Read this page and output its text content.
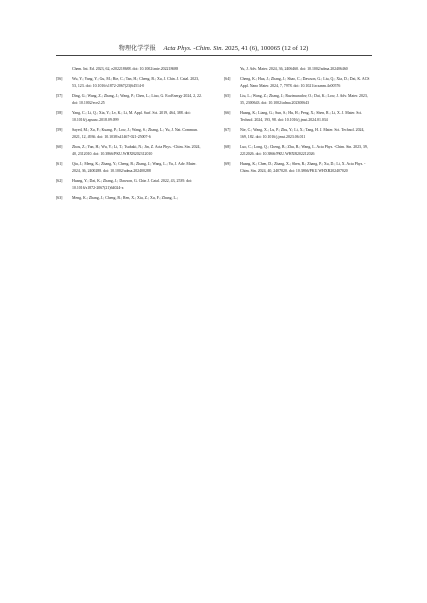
物理化学学报 Acta Phys. -Chim. Sin. 2025, 41 (6), 100065 (12 of 12)
Chem. Int. Ed. 2023, 62, e202218688. doi: 10.1002/anie.202218688
[56] Wu, Y.; Yang, Y.; Gu, M.; Bie, C.; Tan, H.; Cheng, B.; Xu, J. Chin. J. Catal. 2023, 53, 123. doi: 10.1016/s1872-2067(23)64514-0
[57] Ding, G.; Wang, Z.; Zhang, J.; Wang, P.; Chen, L.; Liao, G. EcoEnergy 2024, 2, 22. doi: 10.1002/ece2.25
[58] Yang, C.; Li, Q.; Xia, Y.; Lv, K.; Li, M. Appl. Surf. Sci. 2019, 464, 388. doi: 10.1016/j.apsusc.2018.09.099
[59] Sayed, M.; Xu, F.; Kuang, P.; Low, J.; Wang, S.; Zhang, L.; Yu, J. Nat. Commun. 2021, 12, 4936. doi: 10.1038/s41467-021-25007-6
[60] Zhou, Z.; Yan, H.; Wu, Y.; Li, T.; Tsubaki, N.; Jin, Z. Acta Phys. -Chim. Sin. 2024, 40, 2312010. doi: 10.3866/PKU.WHXB202312010
[61] Qiu, J.; Meng, K.; Zhang, Y.; Cheng, B.; Zhang, J.; Wang, L.; Yu, J. Adv. Mater. 2024, 36, 2400288. doi: 10.1002/adma.202400288
[62] Huang, Y.; Dai, K.; Zhang, J.; Dawson, G. Chin J. Catal. 2022, 43, 2539. doi: 10.1016/s1872-2067(21)64024-x
[63] Meng, K.; Zhang, J.; Cheng, B.; Ren, X.; Xia, Z.; Xu, F.; Zhang, L.;
Yu, J. Adv. Mater. 2024, 36, 2406460. doi: 10.1002/adma.202406460
[64] Cheng, K.; Hua, J.; Zhang, J.; Shao, C.; Dawson, G.; Liu, Q.; Xia, D.; Dai, K. ACS Appl. Nano Mater. 2024, 7, 7978. doi: 10.1021/acsanm.4c00576
[65] Liu, L.; Wang, Z.; Zhang, J.; Ruzimuradov, O.; Dai, K.; Low, J. Adv. Mater. 2023, 35, 2300643. doi: 10.1002/adma.202300643
[66] Huang, K.; Liang, G.; Sun, S.; Hu, H.; Peng, X.; Shen, R.; Li, X. J. Mater. Sci. Technol. 2024, 193, 98. doi: 10.1016/j.jmst.2024.01.034
[67] Nie, C.; Wang, X.; Lu, P.; Zhu, Y.; Li, X.; Tang, H. J. Mater. Sci. Technol. 2024, 169, 182. doi: 10.1016/j.jmst.2023.06.011
[68] Luo, C.; Long, Q.; Cheng, B.; Zhu, B.; Wang, L. Acta Phys. -Chim. Sin. 2023, 39, 2212026. doi: 10.3866/PKU.WHXB202212026
[69] Huang, K.; Chen, D.; Zhang, X.; Shen, R.; Zhang, P.; Xu, D.; Li, X. Acta Phys. -Chim. Sin. 2024, 40, 2407020. doi: 10.3866/PKU.WHXB202407020
